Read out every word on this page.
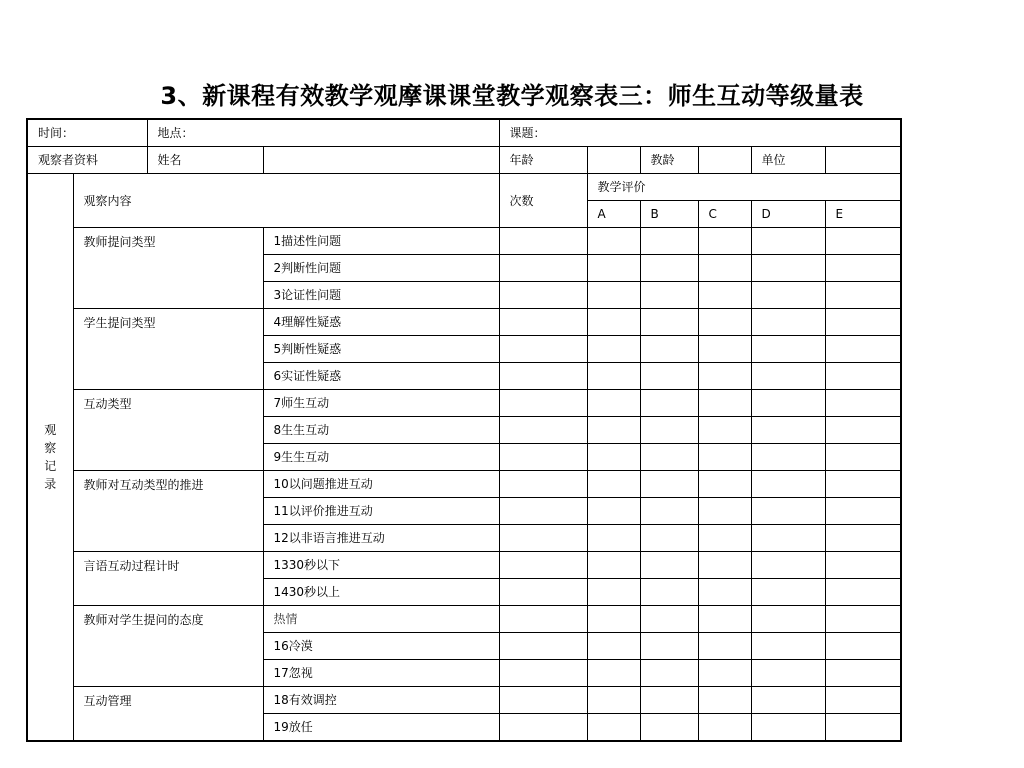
3、新课程有效教学观摩课课堂教学观察表三：师生互动等级量表
时间：		地点：		课题：					
观察者资料		姓名		年龄		教龄		单位	
观察记录	观察内容			次数	教学评价				
					A	B	C	D	E
	教师提问类型		1描述性问题						
			2判断性问题						
			3论证性问题						
	学生提问类型		4理解性疑惑						
			5判断性疑惑						
			6实证性疑惑						
	互动类型		7师生互动						
			8生生互动						
			9生生互动						
	教师对互动类型的推进		10以问题推进互动						
			11以评价推进互动						
			12以非语言推进互动						
	言语互动过程计时		1330秒以下						
			1430秒以上						
	教师对学生提问的态度		热情						
			16冷漠						
			17忽视						
	互动管理		18有效调控						
			19放任						
